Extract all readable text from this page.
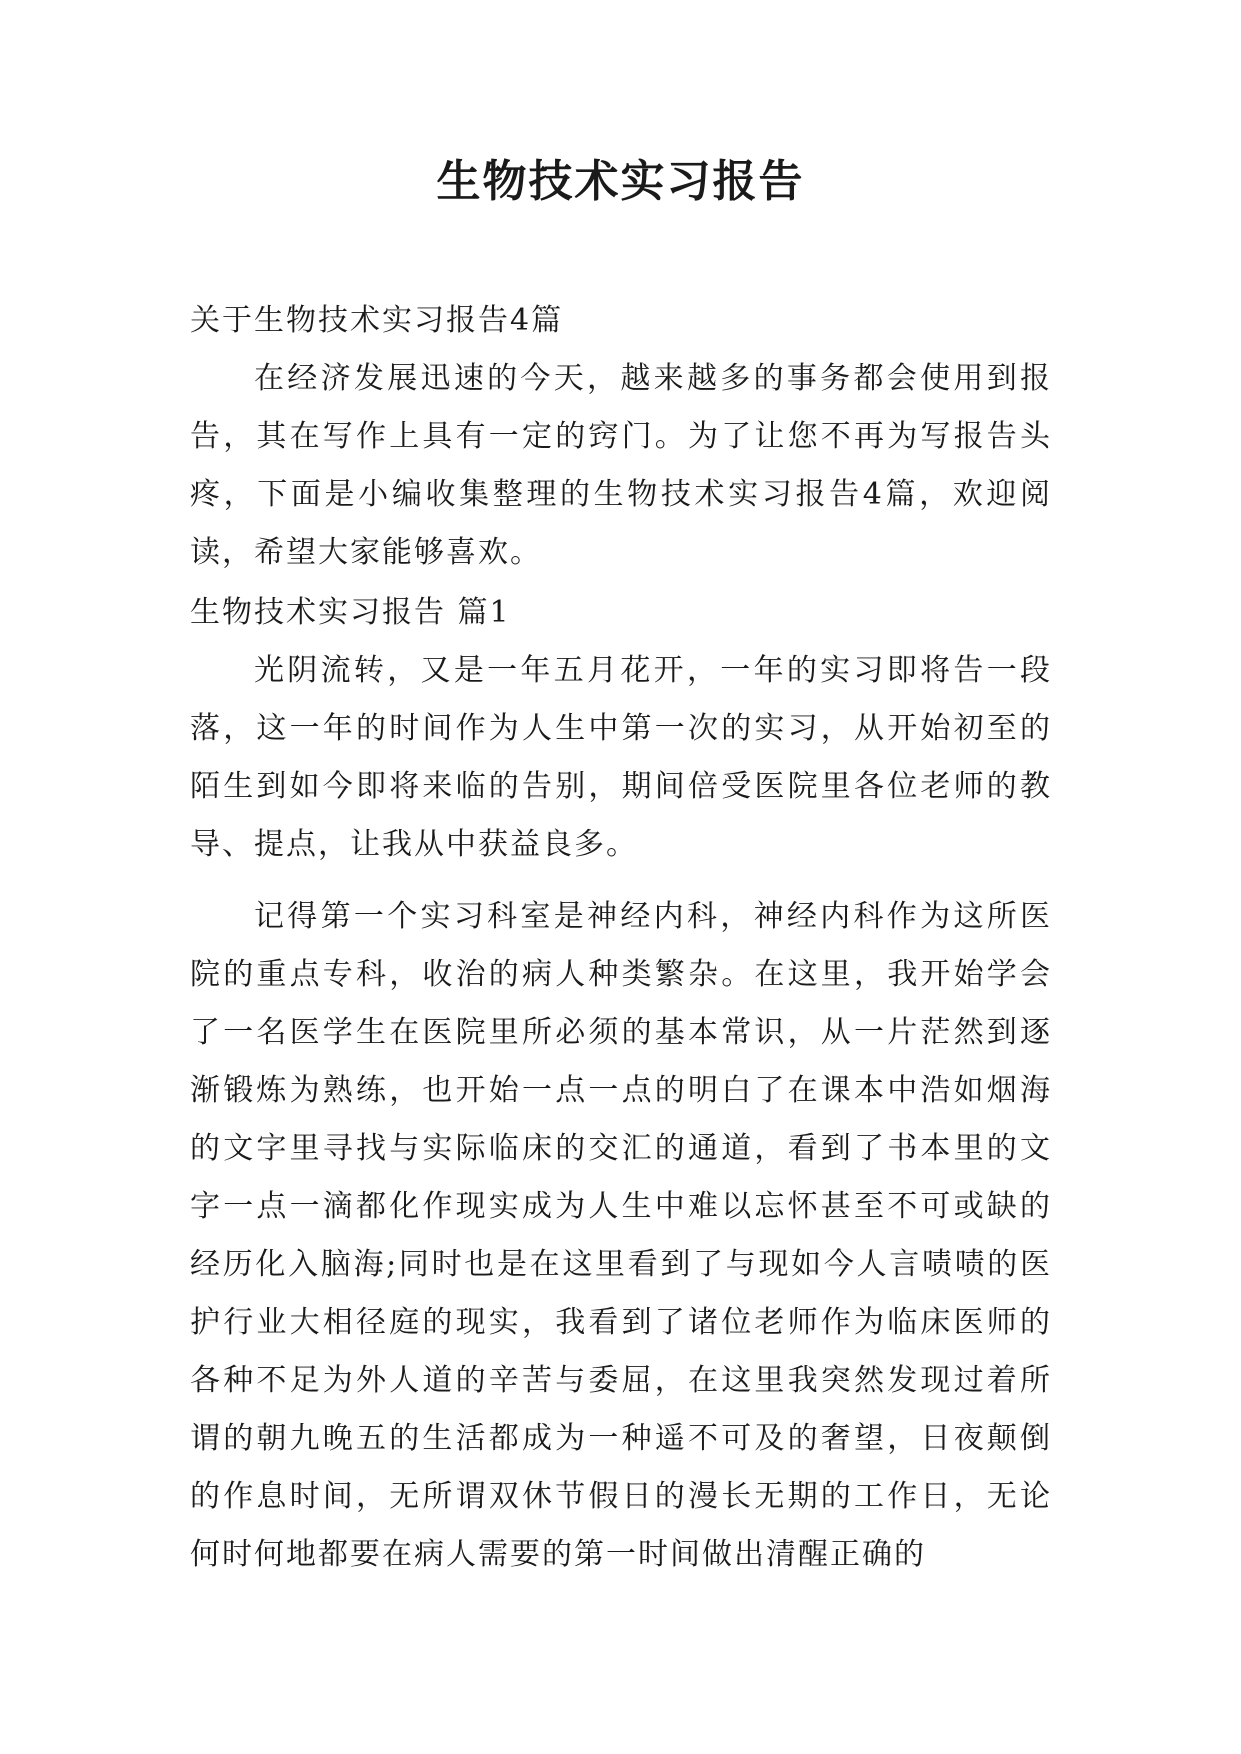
生物技术实习报告

关于生物技术实习报告4篇

在经济发展迅速的今天，越来越多的事务都会使用到报告，其在写作上具有一定的窍门。为了让您不再为写报告头疼，下面是小编收集整理的生物技术实习报告4篇，欢迎阅读，希望大家能够喜欢。

生物技术实习报告 篇1

光阴流转，又是一年五月花开，一年的实习即将告一段落，这一年的时间作为人生中第一次的实习，从开始初至的陌生到如今即将来临的告别，期间倍受医院里各位老师的教导、提点，让我从中获益良多。

记得第一个实习科室是神经内科，神经内科作为这所医院的重点专科，收治的病人种类繁杂。在这里，我开始学会了一名医学生在医院里所必须的基本常识，从一片茫然到逐渐锻炼为熟练，也开始一点一点的明白了在课本中浩如烟海的文字里寻找与实际临床的交汇的通道，看到了书本里的文字一点一滴都化作现实成为人生中难以忘怀甚至不可或缺的经历化入脑海;同时也是在这里看到了与现如今人言啧啧的医护行业大相径庭的现实，我看到了诸位老师作为临床医师的各种不足为外人道的辛苦与委屈，在这里我突然发现过着所谓的朝九晚五的生活都成为一种遥不可及的奢望，日夜颠倒的作息时间，无所谓双休节假日的漫长无期的工作日，无论何时何地都要在病人需要的第一时间做出清醒正确的
